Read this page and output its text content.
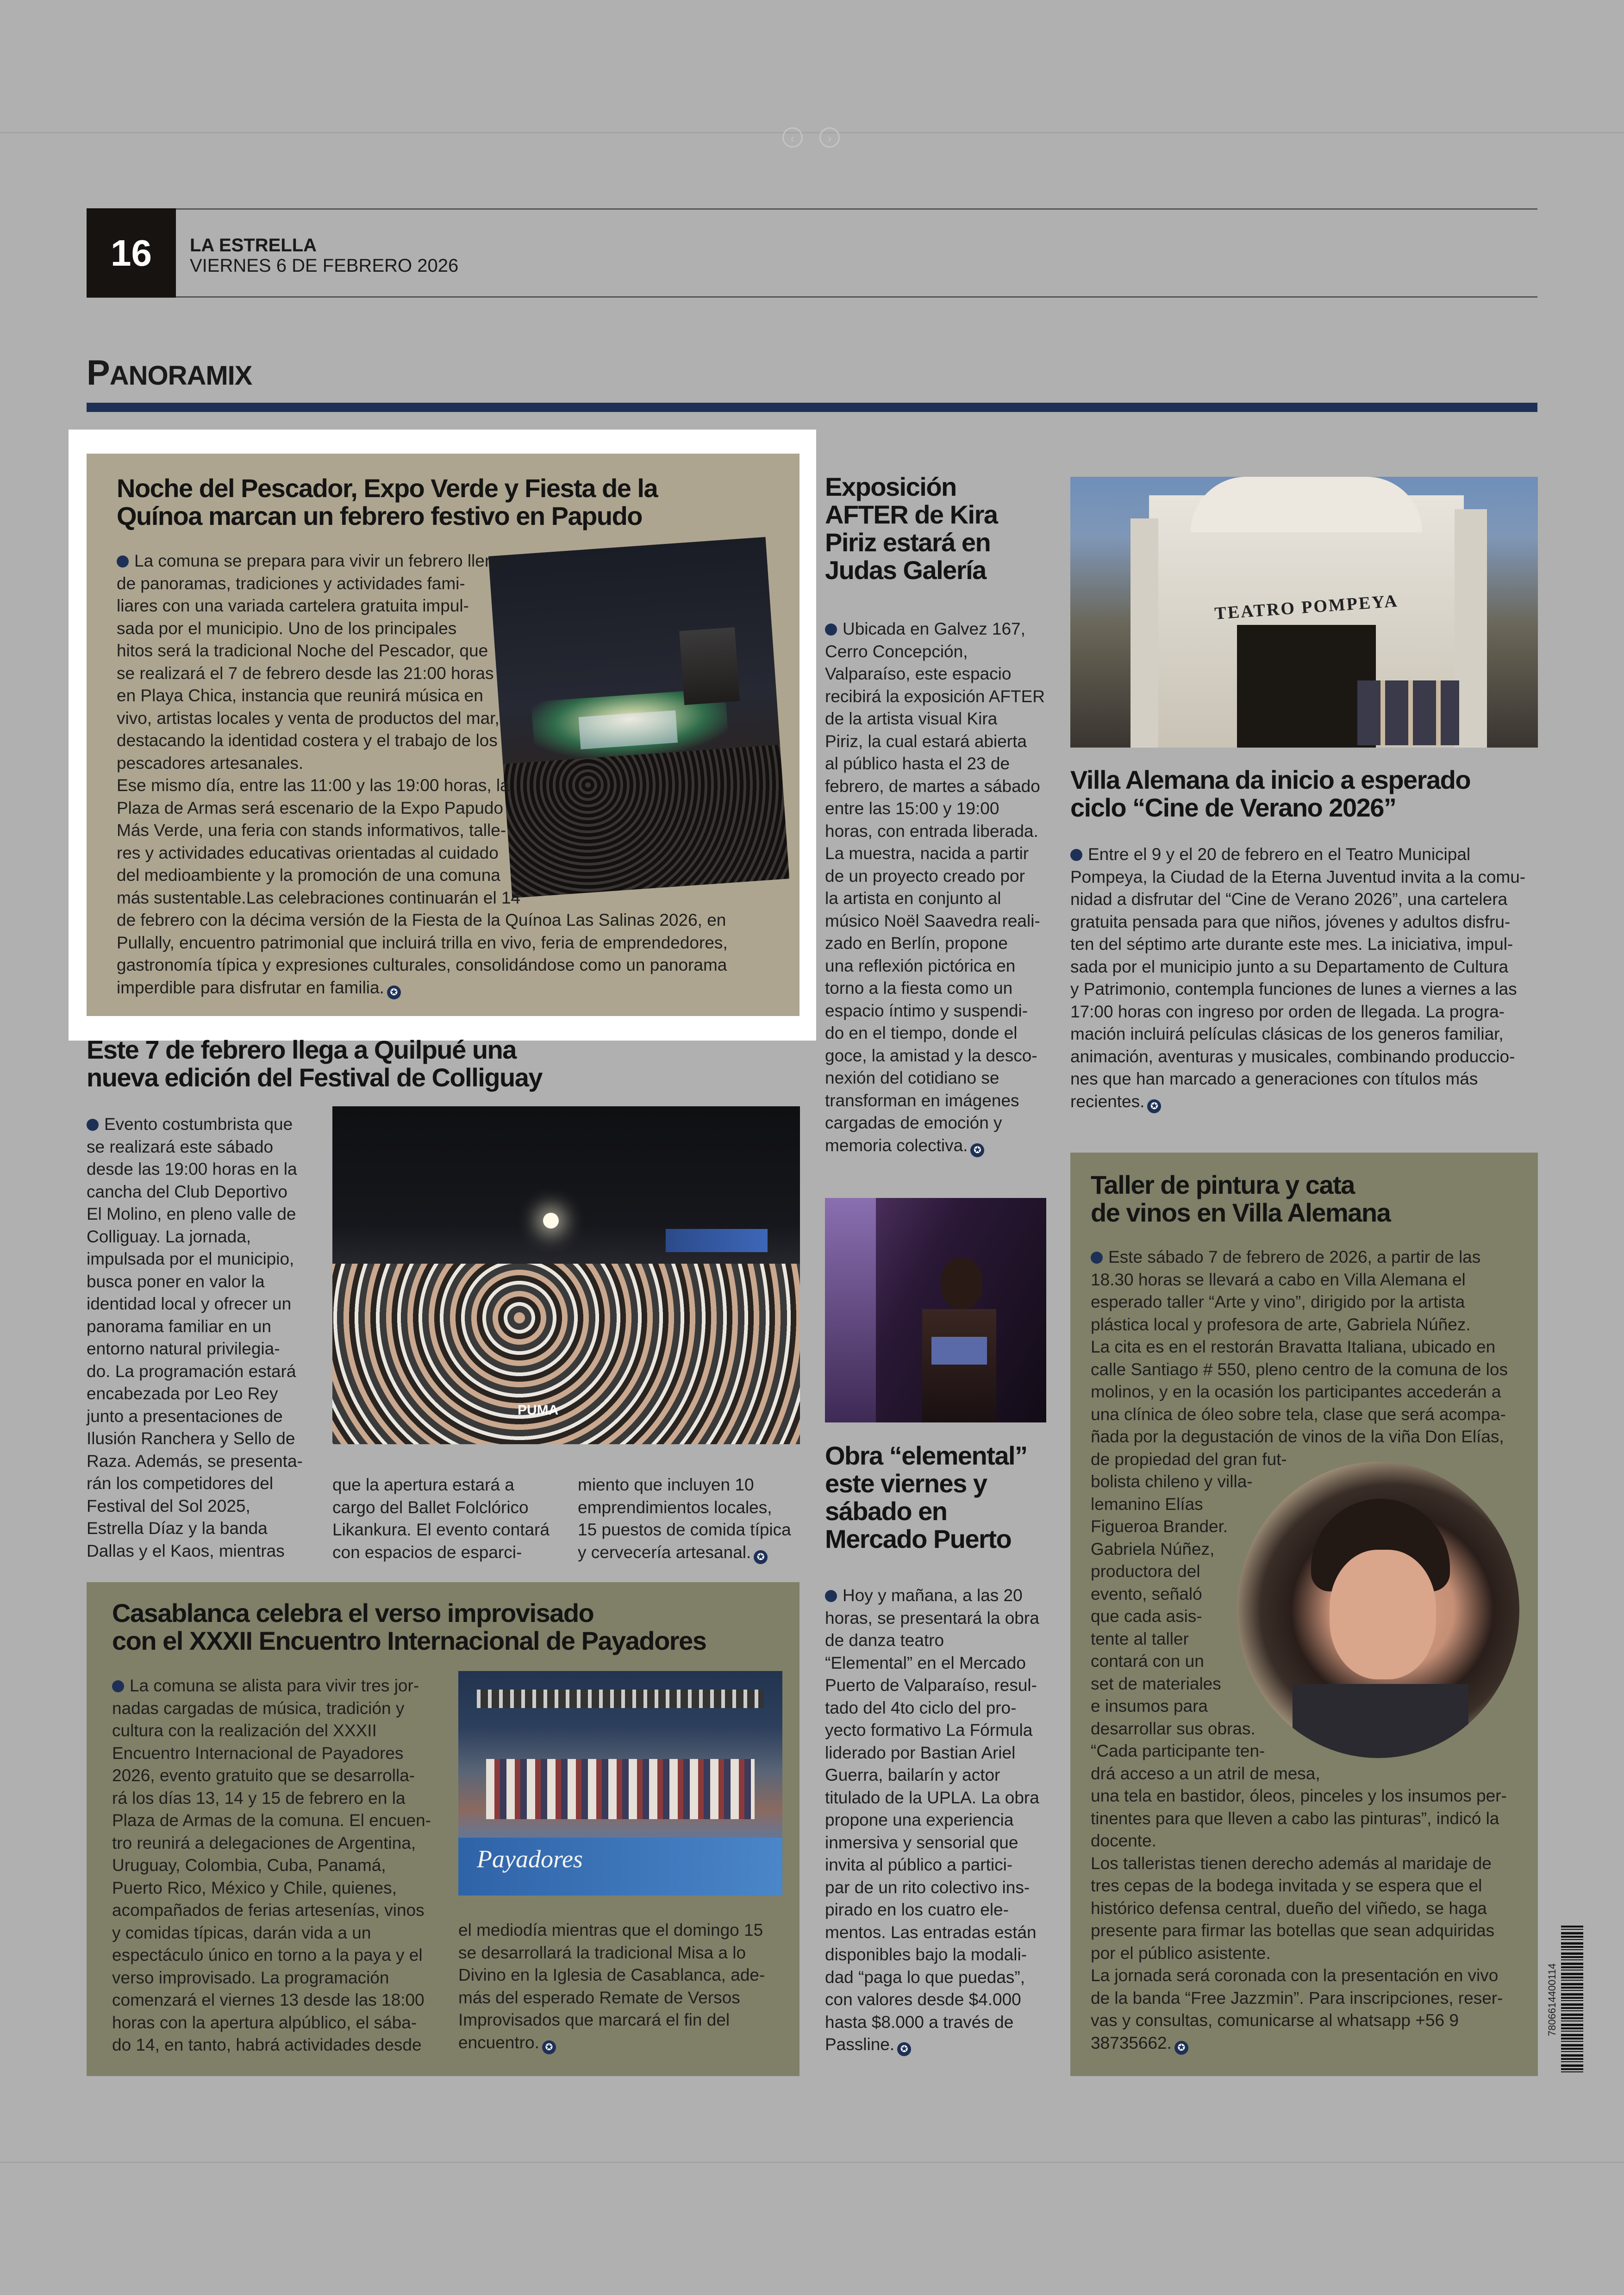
‹	›
16	LA ESTRELLA
VIERNES 6 DE FEBRERO 2026
PANORAMIX
Noche del Pescador, Expo Verde y Fiesta de la
Quínoa marcan un febrero festivo en Papudo

La comuna se prepara para vivir un febrero lleno

de panoramas, tradiciones y actividades fami-

liares con una variada cartelera gratuita impul-

sada por el municipio. Uno de los principales

hitos será la tradicional Noche del Pescador, que

se realizará el 7 de febrero desde las 21:00 horas

en Playa Chica, instancia que reunirá música en

vivo, artistas locales y venta de productos del mar,

destacando la identidad costera y el trabajo de los

pescadores artesanales.

Ese mismo día, entre las 11:00 y las 19:00 horas, la

Plaza de Armas será escenario de la Expo Papudo

Más Verde, una feria con stands informativos, talle-

res y actividades educativas orientadas al cuidado

del medioambiente y la promoción de una comuna

más sustentable.Las celebraciones continuarán el 14

de febrero con la décima versión de la Fiesta de la Quínoa Las Salinas 2026, en

Pullally, encuentro patrimonial que incluirá trilla en vivo, feria de emprendedores,

gastronomía típica y expresiones culturales, consolidándose como un panorama

imperdible para disfrutar en familia. ✪

Exposición
AFTER de Kira
Piriz estará en
Judas Galería

Ubicada en Galvez 167,

Cerro Concepción,

Valparaíso, este espacio

recibirá la exposición AFTER

de la artista visual Kira

Piriz, la cual estará abierta

al público hasta el 23 de

febrero, de martes a sábado

entre las 15:00 y 19:00

horas, con entrada liberada.

La muestra, nacida a partir

de un proyecto creado por

la artista en conjunto al

músico Noël Saavedra reali-

zado en Berlín, propone

una reflexión pictórica en

torno a la fiesta como un

espacio íntimo y suspendi-

do en el tiempo, donde el

goce, la amistad y la desco-

nexión del cotidiano se

transforman en imágenes

cargadas de emoción y

memoria colectiva. ✪

TEATRO POMPEYA
Villa Alemana da inicio a esperado
ciclo “Cine de Verano 2026”

Entre el 9 y el 20 de febrero en el Teatro Municipal

Pompeya, la Ciudad de la Eterna Juventud invita a la comu-

nidad a disfrutar del “Cine de Verano 2026”, una cartelera

gratuita pensada para que niños, jóvenes y adultos disfru-

ten del séptimo arte durante este mes. La iniciativa, impul-

sada por el municipio junto a su Departamento de Cultura

y Patrimonio, contempla funciones de lunes a viernes a las

17:00 horas con ingreso por orden de llegada. La progra-

mación incluirá películas clásicas de los generos familiar,

animación, aventuras y musicales, combinando produccio-

nes que han marcado a generaciones con títulos más

recientes. ✪

Este 7 de febrero llega a Quilpué una
nueva edición del Festival de Colliguay
PUMA

Evento costumbrista que

se realizará este sábado

desde las 19:00 horas en la

cancha del Club Deportivo

El Molino, en pleno valle de

Colliguay. La jornada,

impulsada por el municipio,

busca poner en valor la

identidad local y ofrecer un

panorama familiar en un

entorno natural privilegia-

do. La programación estará

encabezada por Leo Rey

junto a presentaciones de

Ilusión Ranchera y Sello de

Raza. Además, se presenta-

rán los competidores del

Festival del Sol 2025,

Estrella Díaz y la banda

Dallas y el Kaos, mientras

que la apertura estará a

cargo del Ballet Folclórico

Likankura. El evento contará

con espacios de esparci-

miento que incluyen 10

emprendimientos locales,

15 puestos de comida típica

y cervecería artesanal. ✪

Obra “elemental”
este viernes y
sábado en
Mercado Puerto

Hoy y mañana, a las 20

horas, se presentará la obra

de danza teatro

“Elemental” en el Mercado

Puerto de Valparaíso, resul-

tado del 4to ciclo del pro-

yecto formativo La Fórmula

liderado por Bastian Ariel

Guerra, bailarín y actor

titulado de la UPLA. La obra

propone una experiencia

inmersiva y sensorial que

invita al público a partici-

par de un rito colectivo ins-

pirado en los cuatro ele-

mentos. Las entradas están

disponibles bajo la modali-

dad “paga lo que puedas”,

con valores desde $4.000

hasta $8.000 a través de

Passline. ✪

Casablanca celebra el verso improvisado
con el XXXII Encuentro Internacional de Payadores
Payadores

La comuna se alista para vivir tres jor-

nadas cargadas de música, tradición y

cultura con la realización del XXXII

Encuentro Internacional de Payadores

2026, evento gratuito que se desarrolla-

rá los días 13, 14 y 15 de febrero en la

Plaza de Armas de la comuna. El encuen-

tro reunirá a delegaciones de Argentina,

Uruguay, Colombia, Cuba, Panamá,

Puerto Rico, México y Chile, quienes,

acompañados de ferias artesenías, vinos

y comidas típicas, darán vida a un

espectáculo único en torno a la paya y el

verso improvisado. La programación

comenzará el viernes 13 desde las 18:00

horas con la apertura alpúblico, el sába-

do 14, en tanto, habrá actividades desde

el mediodía mientras que el domingo 15

se desarrollará la tradicional Misa a lo

Divino en la Iglesia de Casablanca, ade-

más del esperado Remate de Versos

Improvisados que marcará el fin del

encuentro. ✪

Taller de pintura y cata
de vinos en Villa Alemana

Este sábado 7 de febrero de 2026, a partir de las

18.30 horas se llevará a cabo en Villa Alemana el

esperado taller “Arte y vino”, dirigido por la artista

plástica local y profesora de arte, Gabriela Núñez.

La cita es en el restorán Bravatta Italiana, ubicado en

calle Santiago # 550, pleno centro de la comuna de los

molinos, y en la ocasión los participantes accederán a

una clínica de óleo sobre tela, clase que será acompa-

ñada por la degustación de vinos de la viña Don Elías,

de propiedad del gran fut-

bolista chileno y villa-

lemanino Elías

Figueroa Brander.

Gabriela Núñez,

productora del

evento, señaló

que cada asis-

tente al taller

contará con un

set de materiales

e insumos para

desarrollar sus obras.

“Cada participante ten-

drá acceso a un atril de mesa,

una tela en bastidor, óleos, pinceles y los insumos per-

tinentes para que lleven a cabo las pinturas”, indicó la

docente.

Los talleristas tienen derecho además al maridaje de

tres cepas de la bodega invitada y se espera que el

histórico defensa central, dueño del viñedo, se haga

presente para firmar las botellas que sean adquiridas

por el público asistente.

La jornada será coronada con la presentación en vivo

de la banda “Free Jazzmin”. Para inscripciones, reser-

vas y consultas, comunicarse al whatsapp +56 9

38735662. ✪

7806614400114
